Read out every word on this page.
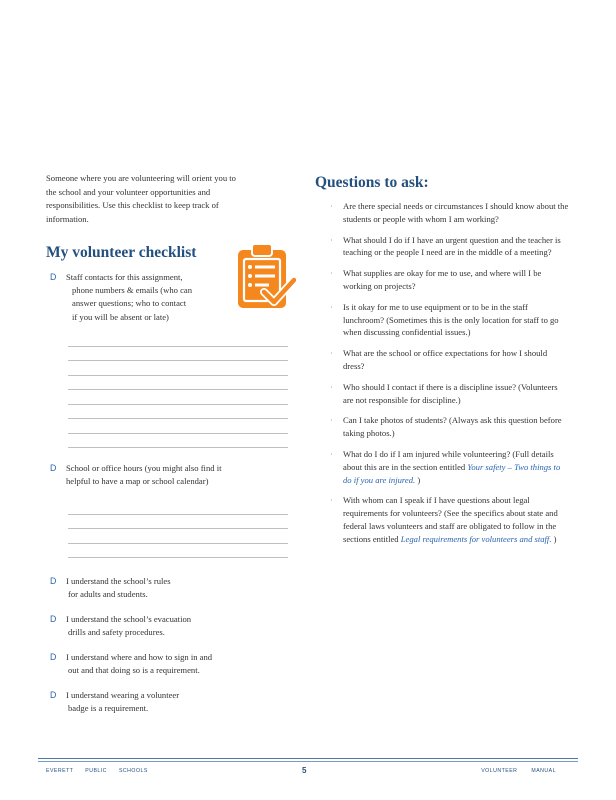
Someone where you are volunteering will orient you to the school and your volunteer opportunities and responsibilities. Use this checklist to keep track of information.
My volunteer checklist
D	Staff contacts for this assignment,
phone numbers & emails (who can
answer questions; who to contact
if you will be absent or late)
D	School or office hours (you might also find it
helpful to have a map or school calendar)
D	I understand the school’s rules
for adults and students.
D	I understand the school’s evacuation
drills and safety procedures.
D	I understand where and how to sign in and
out and that doing so is a requirement.
D	I understand wearing a volunteer
badge is a requirement.
Questions to ask:
· Are there special needs or circumstances I should know about the students or people with whom I am working?
· What should I do if I have an urgent question and the teacher is teaching or the people I need are in the middle of a meeting?
· What supplies are okay for me to use, and where will I be working on projects?
· Is it okay for me to use equipment or to be in the staff lunchroom? (Sometimes this is the only location for staff to go when discussing confidential issues.)
· What are the school or office expectations for how I should dress?
· Who should I contact if there is a discipline issue? (Volunteers are not responsible for discipline.)
· Can I take photos of students? (Always ask this question before taking photos.)
· What do I do if I am injured while volunteering? (Full details about this are in the section entitled Your safety – Two things to do if you are injured. )
· With whom can I speak if I have questions about legal requirements for volunteers? (See the specifics about state and federal laws volunteers and staff are obligated to follow in the sections entitled Legal requirements for volunteers and staff. )
EVERETT PUBLIC SCHOOLS	5	VOLUNTEER MANUAL
